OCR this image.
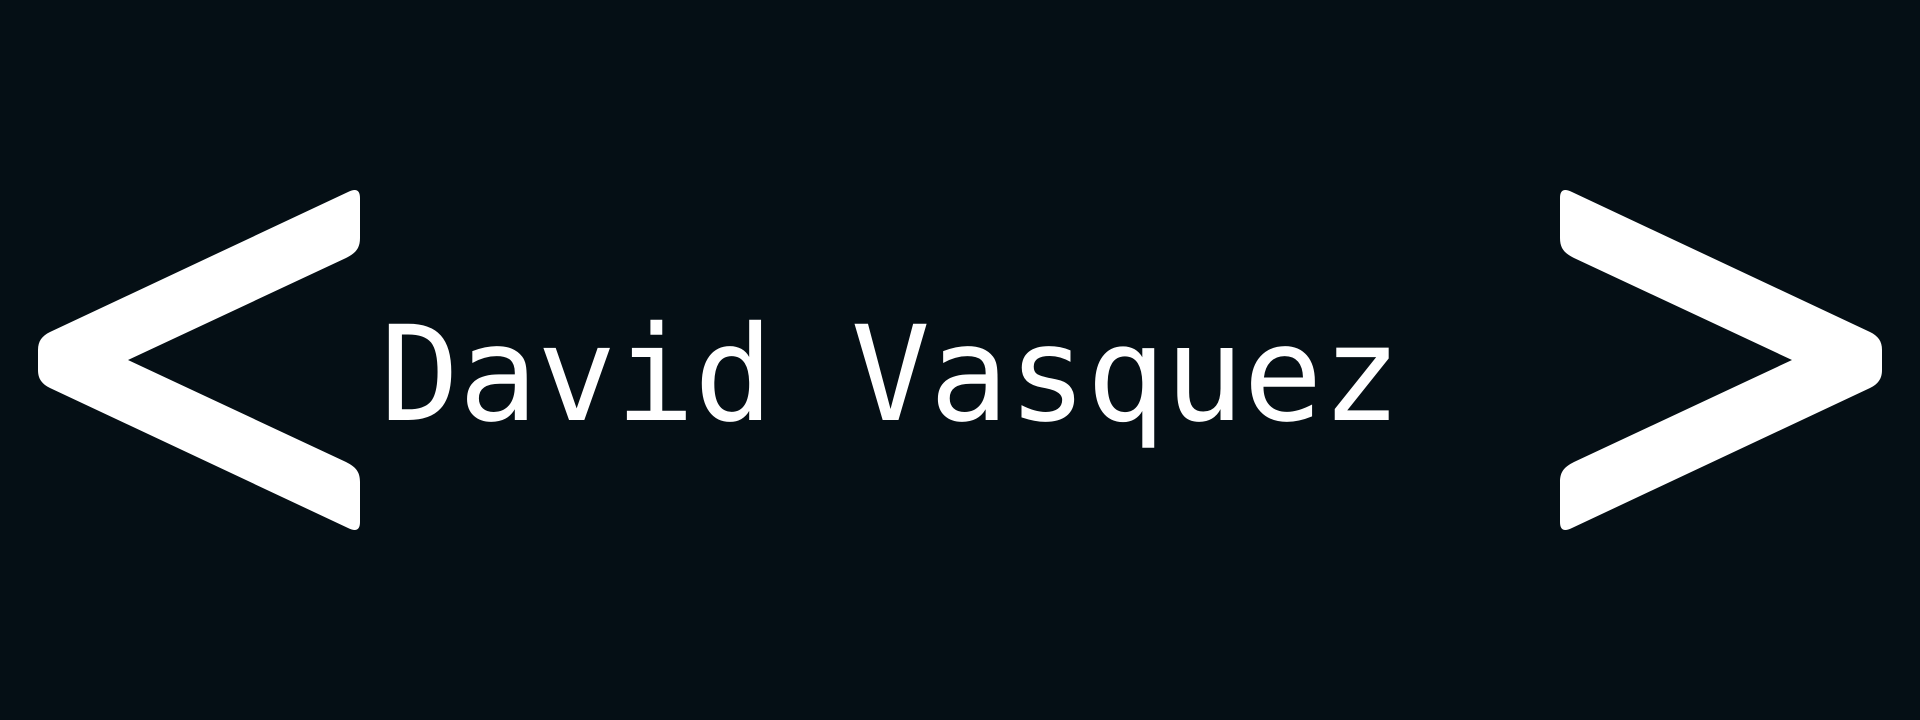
David Vasquez
